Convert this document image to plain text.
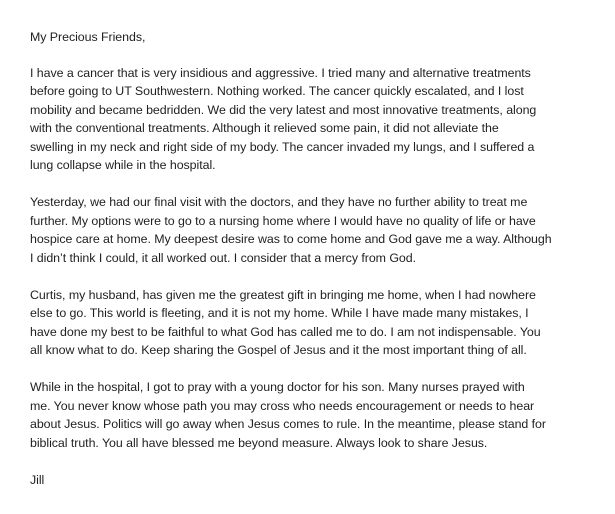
My Precious Friends,
I have a cancer that is very insidious and aggressive. I tried many and alternative treatments
before going to UT Southwestern. Nothing worked. The cancer quickly escalated, and I lost
mobility and became bedridden. We did the very latest and most innovative treatments, along
with the conventional treatments. Although it relieved some pain, it did not alleviate the
swelling in my neck and right side of my body. The cancer invaded my lungs, and I suffered a
lung collapse while in the hospital.
Yesterday, we had our final visit with the doctors, and they have no further ability to treat me
further. My options were to go to a nursing home where I would have no quality of life or have
hospice care at home. My deepest desire was to come home and God gave me a way. Although
I didn’t think I could, it all worked out. I consider that a mercy from God.
Curtis, my husband, has given me the greatest gift in bringing me home, when I had nowhere
else to go. This world is fleeting, and it is not my home. While I have made many mistakes, I
have done my best to be faithful to what God has called me to do. I am not indispensable. You
all know what to do. Keep sharing the Gospel of Jesus and it the most important thing of all.
While in the hospital, I got to pray with a young doctor for his son. Many nurses prayed with
me. You never know whose path you may cross who needs encouragement or needs to hear
about Jesus. Politics will go away when Jesus comes to rule. In the meantime, please stand for
biblical truth. You all have blessed me beyond measure. Always look to share Jesus.
Jill
